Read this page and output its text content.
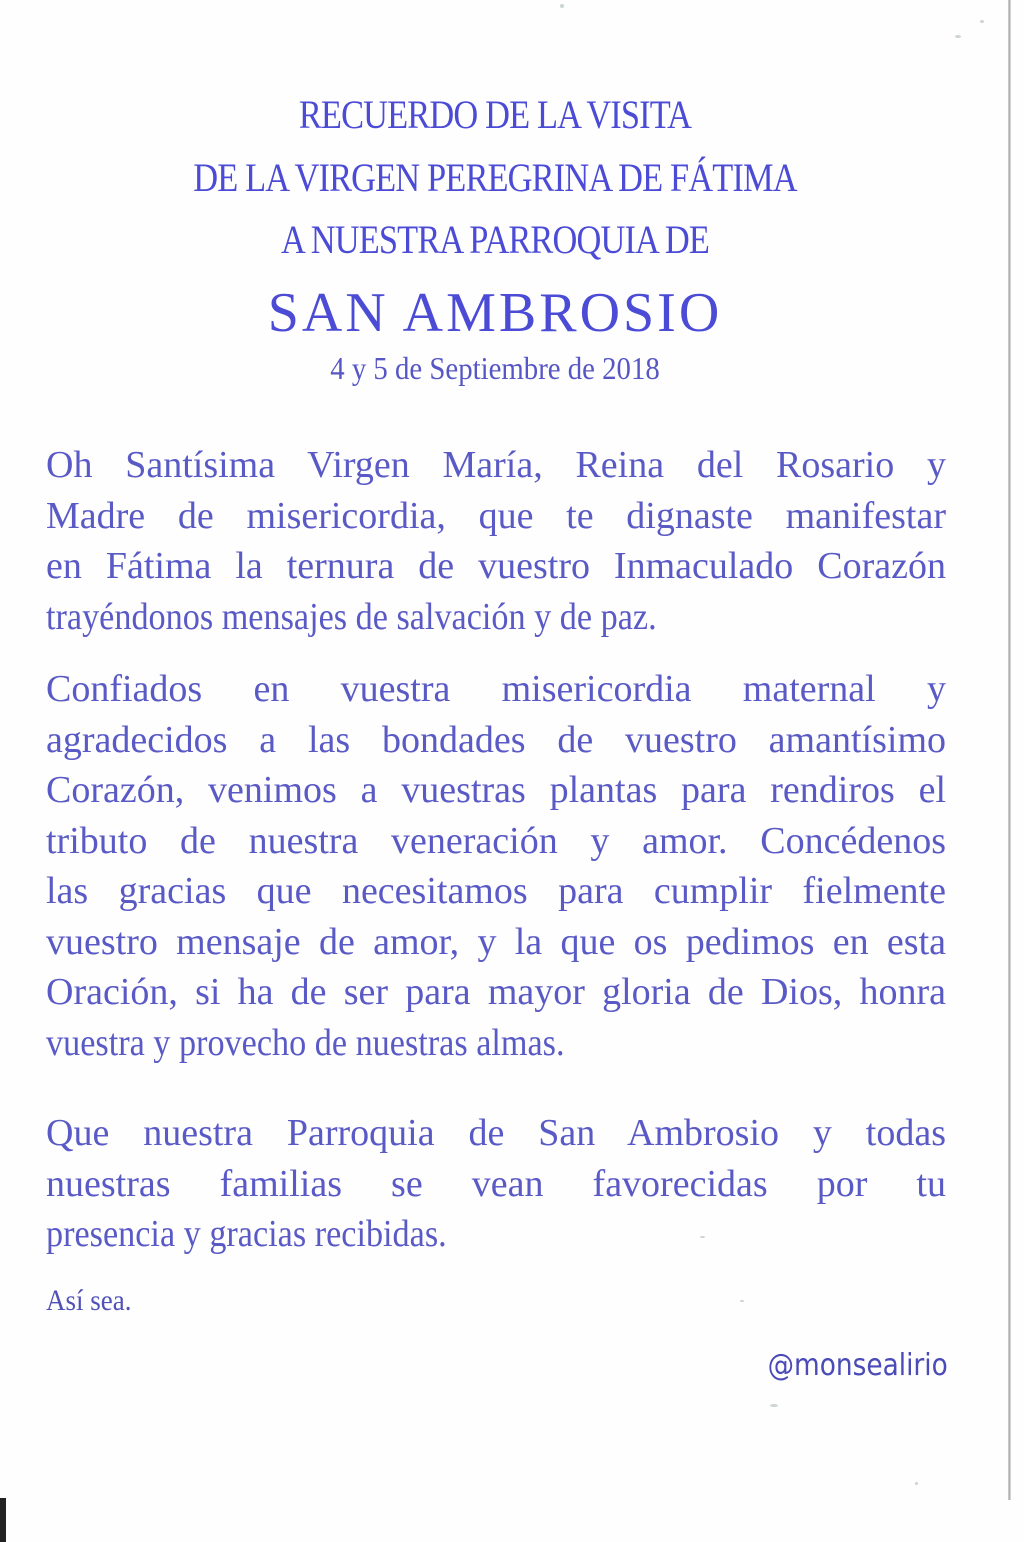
RECUERDO DE LA VISITA
DE LA VIRGEN PEREGRINA DE FÁTIMA
A NUESTRA PARROQUIA DE
SAN AMBROSIO
4 y 5 de Septiembre de 2018
Oh Santísima Virgen María, Reina del Rosario y
Madre de misericordia, que te dignaste manifestar
en Fátima la ternura de vuestro Inmaculado Corazón
trayéndonos mensajes de salvación y de paz.
Confiados en vuestra misericordia maternal y
agradecidos a las bondades de vuestro amantísimo
Corazón, venimos a vuestras plantas para rendiros el
tributo de nuestra veneración y amor. Concédenos
las gracias que necesitamos para cumplir fielmente
vuestro mensaje de amor, y la que os pedimos en esta
Oración, si ha de ser para mayor gloria de Dios, honra
vuestra y provecho de nuestras almas.
Que nuestra Parroquia de San Ambrosio y todas
nuestras familias se vean favorecidas por tu
presencia y gracias recibidas.
Así sea.
@monsealirio
